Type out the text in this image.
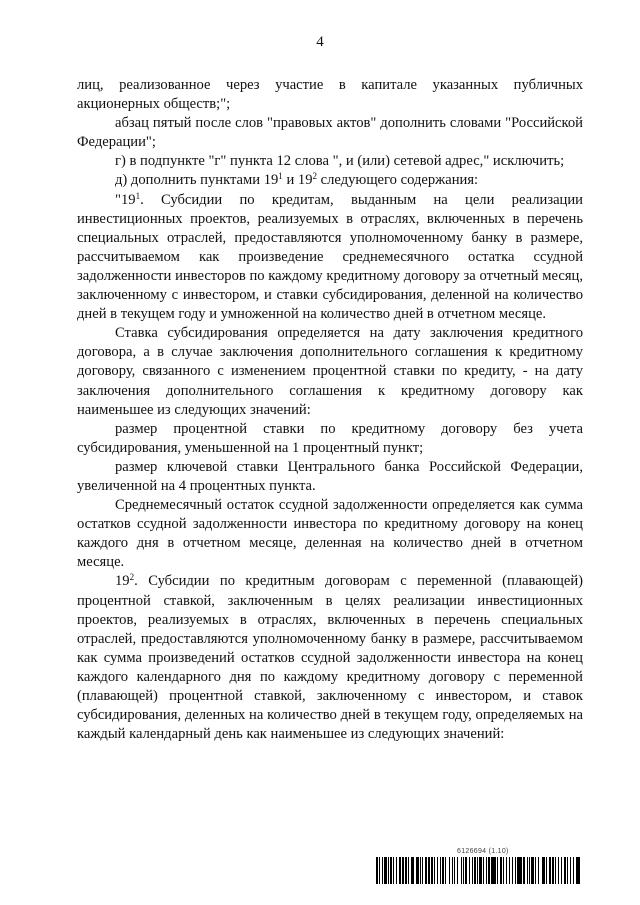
4

лиц, реализованное через участие в капитале указанных публичных акционерных обществ;";

абзац пятый после слов "правовых актов" дополнить словами "Российской Федерации";

г) в подпункте "г" пункта 12 слова ", и (или) сетевой адрес," исключить;

д) дополнить пунктами $19^1$ и $19^2$ следующего содержания:

"$19^1$. Субсидии по кредитам, выданным на цели реализации инвестиционных проектов, реализуемых в отраслях, включенных в перечень специальных отраслей, предоставляются уполномоченному банку в размере, рассчитываемом как произведение среднемесячного остатка ссудной задолженности инвесторов по каждому кредитному договору за отчетный месяц, заключенному с инвестором, и ставки субсидирования, деленной на количество дней в текущем году и умноженной на количество дней в отчетном месяце.

Ставка субсидирования определяется на дату заключения кредитного договора, а в случае заключения дополнительного соглашения к кредитному договору, связанного с изменением процентной ставки по кредиту, - на дату заключения дополнительного соглашения к кредитному договору как наименьшее из следующих значений:

размер процентной ставки по кредитному договору без учета субсидирования, уменьшенной на 1 процентный пункт;

размер ключевой ставки Центрального банка Российской Федерации, увеличенной на 4 процентных пункта.

Среднемесячный остаток ссудной задолженности определяется как сумма остатков ссудной задолженности инвестора по кредитному договору на конец каждого дня в отчетном месяце, деленная на количество дней в отчетном месяце.

$19^2$. Субсидии по кредитным договорам с переменной (плавающей) процентной ставкой, заключенным в целях реализации инвестиционных проектов, реализуемых в отраслях, включенных в перечень специальных отраслей, предоставляются уполномоченному банку в размере, рассчитываемом как сумма произведений остатков ссудной задолженности инвестора на конец каждого календарного дня по каждому кредитному договору с переменной (плавающей) процентной ставкой, заключенному с инвестором, и ставок субсидирования, деленных на количество дней в текущем году, определяемых на каждый календарный день как наименьшее из следующих значений:

6126694 (1.10)
